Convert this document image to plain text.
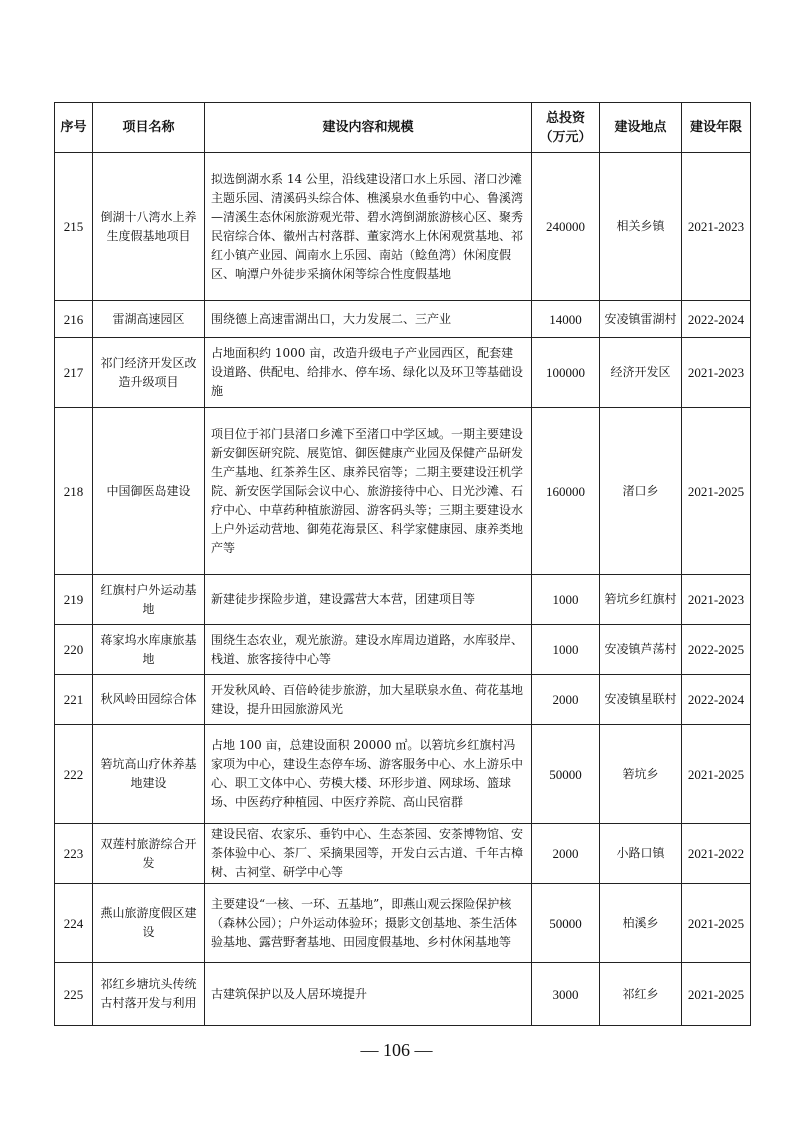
序号	项目名称	建设内容和规模	总投资（万元）	建设地点	建设年限
215	倒湖十八湾水上养生度假基地项目	拟选倒湖水系 14 公里，沿线建设渚口水上乐园、渚口沙滩主题乐园、清溪码头综合体、樵溪泉水鱼垂钓中心、鲁溪湾—清溪生态休闲旅游观光带、碧水湾倒湖旅游核心区、聚秀民宿综合体、徽州古村落群、董家湾水上休闲观赏基地、祁红小镇产业园、阊南水上乐园、南站（鲶鱼湾）休闲度假区、响潭户外徒步采摘休闲等综合性度假基地	240000	相关乡镇	2021-2023
216	雷湖高速园区	围绕德上高速雷湖出口，大力发展二、三产业	14000	安凌镇雷湖村	2022-2024
217	祁门经济开发区改造升级项目	占地面积约 1000 亩，改造升级电子产业园西区，配套建设道路、供配电、给排水、停车场、绿化以及环卫等基础设施	100000	经济开发区	2021-2023
218	中国御医岛建设	项目位于祁门县渚口乡滩下至渚口中学区域。一期主要建设新安御医研究院、展览馆、御医健康产业园及保健产品研发生产基地、红茶养生区、康养民宿等；二期主要建设汪机学院、新安医学国际会议中心、旅游接待中心、日光沙滩、石疗中心、中草药种植旅游园、游客码头等；三期主要建设水上户外运动营地、御苑花海景区、科学家健康园、康养类地产等	160000	渚口乡	2021-2025
219	红旗村户外运动基地	新建徒步探险步道，建设露营大本营，团建项目等	1000	箬坑乡红旗村	2021-2023
220	蒋家坞水库康旅基地	围绕生态农业，观光旅游。建设水库周边道路，水库驳岸、栈道、旅客接待中心等	1000	安凌镇芦荡村	2022-2025
221	秋风岭田园综合体	开发秋风岭、百倍岭徒步旅游，加大星联泉水鱼、荷花基地建设，提升田园旅游风光	2000	安凌镇星联村	2022-2024
222	箬坑高山疗休养基地建设	占地 100 亩，总建设面积 20000 ㎡。以箬坑乡红旗村冯家项为中心，建设生态停车场、游客服务中心、水上游乐中心、职工文体中心、劳模大楼、环形步道、网球场、篮球场、中医药疗种植园、中医疗养院、高山民宿群	50000	箬坑乡	2021-2025
223	双莲村旅游综合开发	建设民宿、农家乐、垂钓中心、生态茶园、安茶博物馆、安茶体验中心、茶厂、采摘果园等，开发白云古道、千年古樟树、古祠堂、研学中心等	2000	小路口镇	2021-2022
224	燕山旅游度假区建设	主要建设“一核、一环、五基地”，即燕山观云探险保护核（森林公园）；户外运动体验环；摄影文创基地、茶生活体验基地、露营野奢基地、田园度假基地、乡村休闲基地等	50000	柏溪乡	2021-2025
225	祁红乡塘坑头传统古村落开发与利用	古建筑保护以及人居环境提升	3000	祁红乡	2021-2025
— 106 —
